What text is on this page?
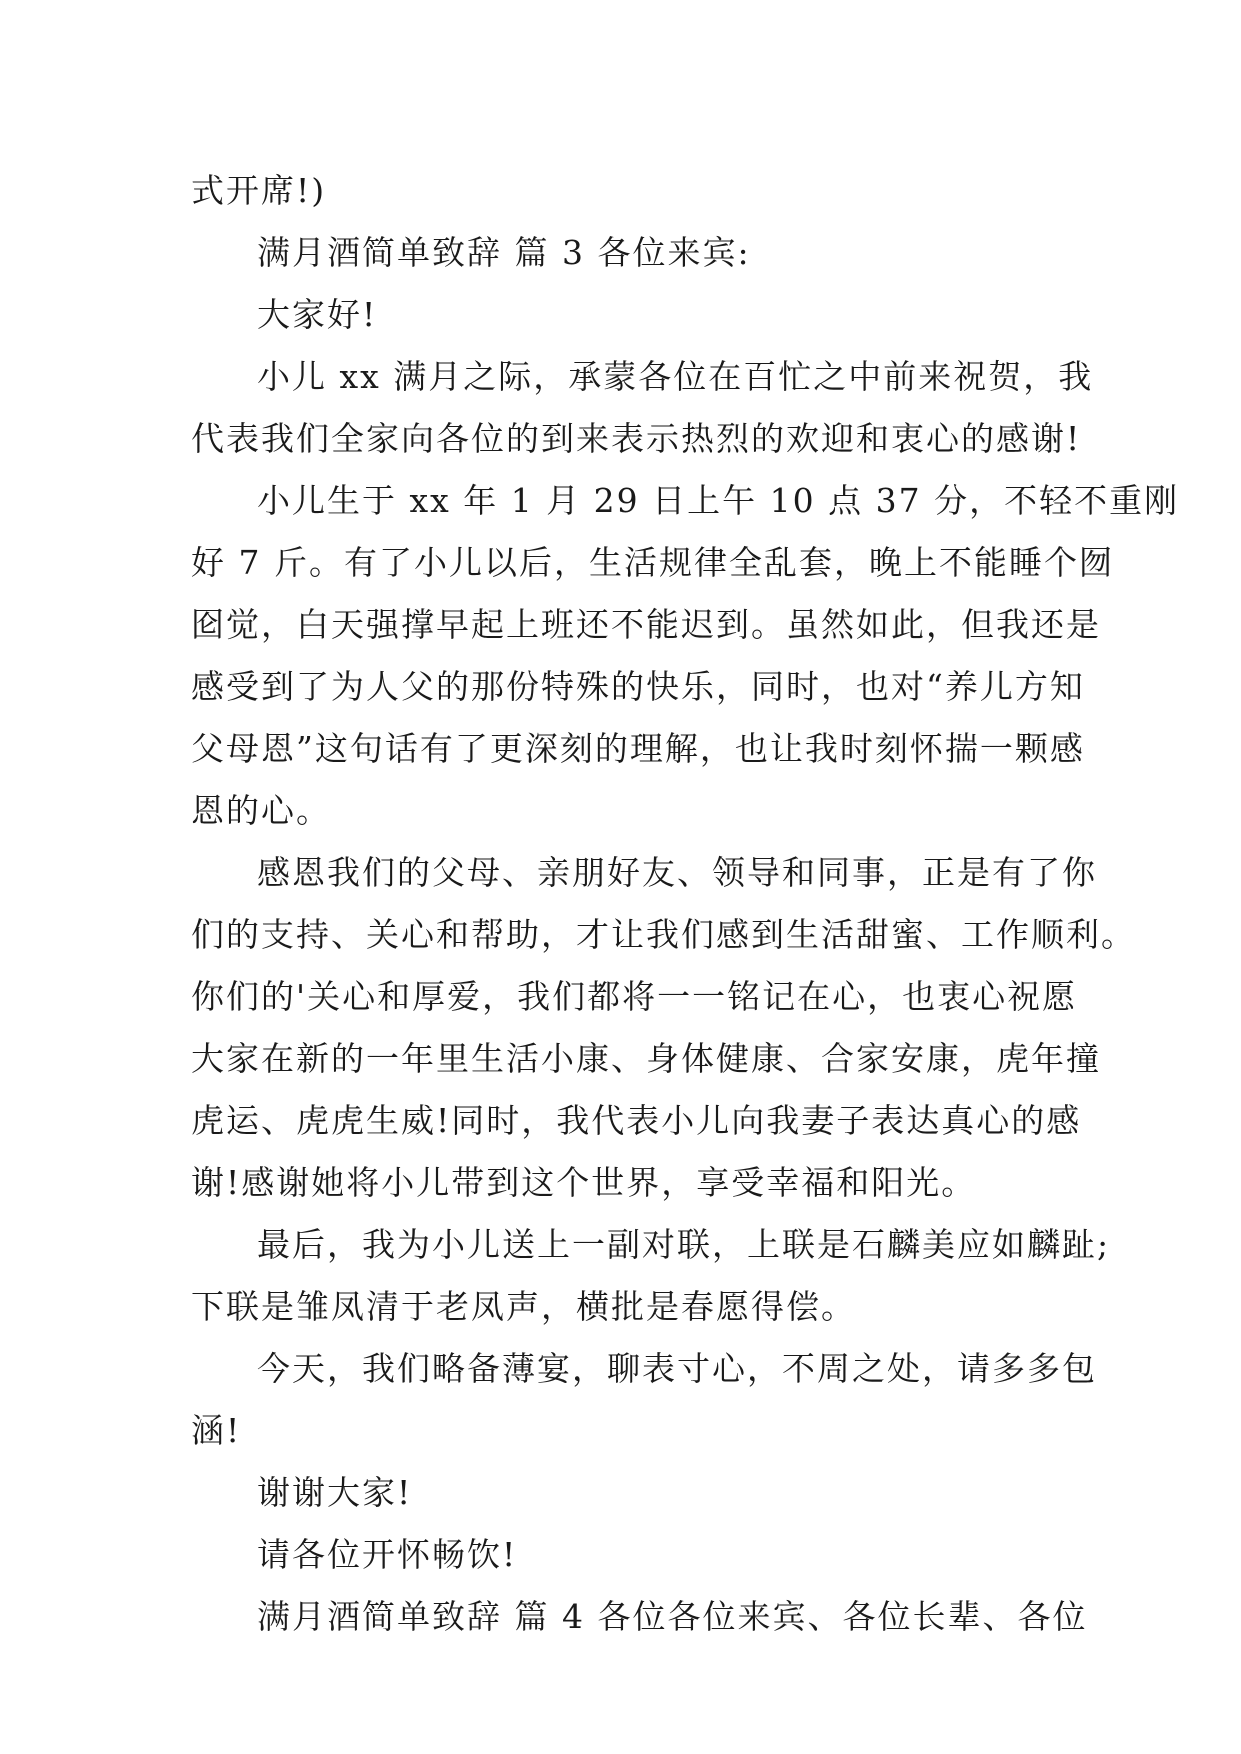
式开席!)
满月酒简单致辞 篇 3 各位来宾:
大家好!
小儿 xx 满月之际，承蒙各位在百忙之中前来祝贺，我
代表我们全家向各位的到来表示热烈的欢迎和衷心的感谢!
小儿生于 xx 年 1 月 29 日上午 10 点 37 分，不轻不重刚
好 7 斤。有了小儿以后，生活规律全乱套，晚上不能睡个囫
囵觉，白天强撑早起上班还不能迟到。虽然如此，但我还是
感受到了为人父的那份特殊的快乐，同时，也对“养儿方知
父母恩”这句话有了更深刻的理解，也让我时刻怀揣一颗感
恩的心。
感恩我们的父母、亲朋好友、领导和同事，正是有了你
们的支持、关心和帮助，才让我们感到生活甜蜜、工作顺利。
你们的'关心和厚爱，我们都将一一铭记在心，也衷心祝愿
大家在新的一年里生活小康、身体健康、合家安康，虎年撞
虎运、虎虎生威!同时，我代表小儿向我妻子表达真心的感
谢!感谢她将小儿带到这个世界，享受幸福和阳光。
最后，我为小儿送上一副对联，上联是石麟美应如麟趾;
下联是雏凤清于老凤声，横批是春愿得偿。
今天，我们略备薄宴，聊表寸心，不周之处，请多多包
涵!
谢谢大家!
请各位开怀畅饮!
满月酒简单致辞 篇 4 各位各位来宾、各位长辈、各位
